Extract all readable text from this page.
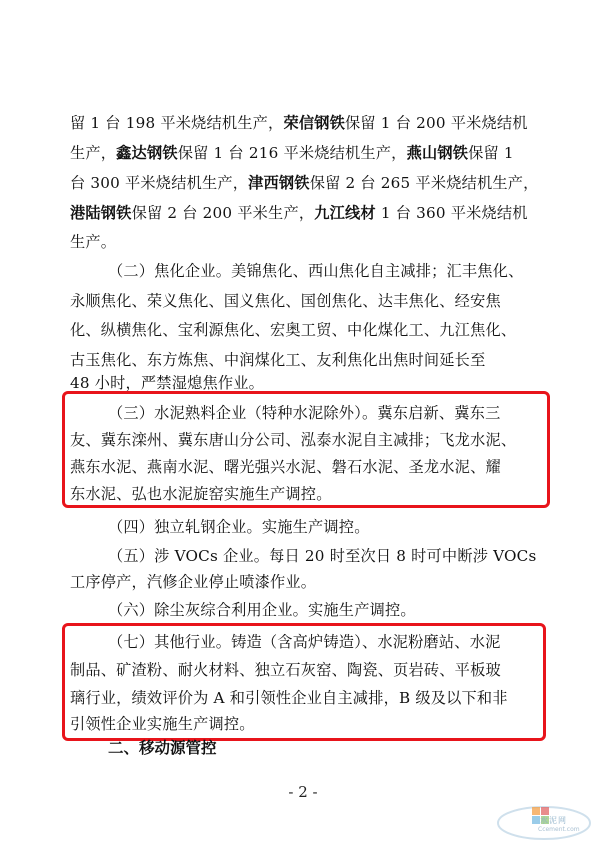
留 1 台 198 平米烧结机生产，荣信钢铁保留 1 台 200 平米烧结机
生产，鑫达钢铁保留 1 台 216 平米烧结机生产，燕山钢铁保留 1
台 300 平米烧结机生产，津西钢铁保留 2 台 265 平米烧结机生产，
港陆钢铁保留 2 台 200 平米生产，九江线材 1 台 360 平米烧结机
生产。
（二）焦化企业。美锦焦化、西山焦化自主减排；汇丰焦化、
永顺焦化、荣义焦化、国义焦化、国创焦化、达丰焦化、经安焦
化、纵横焦化、宝利源焦化、宏奥工贸、中化煤化工、九江焦化、
古玉焦化、东方炼焦、中润煤化工、友利焦化出焦时间延长至
48 小时，严禁湿熄焦作业。
（三）水泥熟料企业（特种水泥除外）。冀东启新、冀东三
友、冀东滦州、冀东唐山分公司、泓泰水泥自主减排；飞龙水泥、
燕东水泥、燕南水泥、曙光强兴水泥、磐石水泥、圣龙水泥、耀
东水泥、弘也水泥旋窑实施生产调控。
（四）独立轧钢企业。实施生产调控。
（五）涉 VOCs 企业。每日 20 时至次日 8 时可中断涉 VOCs
工序停产，汽修企业停止喷漆作业。
（六）除尘灰综合利用企业。实施生产调控。
（七）其他行业。铸造（含高炉铸造）、水泥粉磨站、水泥
制品、矿渣粉、耐火材料、独立石灰窑、陶瓷、页岩砖、平板玻
璃行业，绩效评价为 A 和引领性企业自主减排，B 级及以下和非
引领性企业实施生产调控。
二、移动源管控
- 2 -
水泥网
Ccement.com
